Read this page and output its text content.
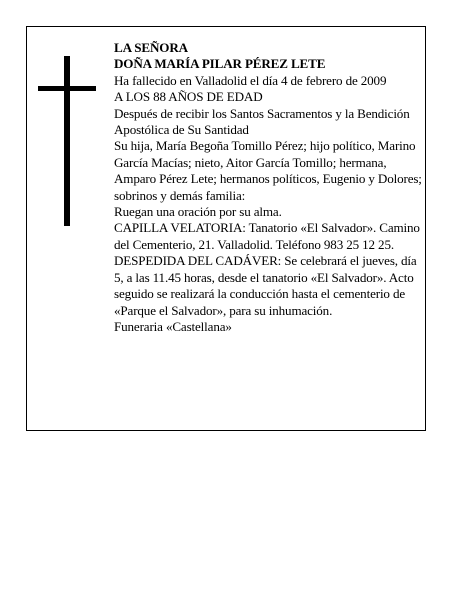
LA SEÑORA

DOÑA MARÍA PILAR PÉREZ LETE

Ha fallecido en Valladolid el día 4 de febrero de 2009

A LOS 88 AÑOS DE EDAD

Después de recibir los Santos Sacramentos y la Bendición Apostólica de Su Santidad

Su hija, María Begoña Tomillo Pérez; hijo político, Marino García Macías; nieto, Aitor García Tomillo; hermana, Amparo Pérez Lete; hermanos políticos, Eugenio y Dolores; sobrinos y demás familia:

Ruegan una oración por su alma.

CAPILLA VELATORIA: Tanatorio «El Salvador». Camino del Cementerio, 21. Valladolid. Teléfono 983 25 12 25.

DESPEDIDA DEL CADÁVER: Se celebrará el jueves, día 5, a las 11.45 horas, desde el tanatorio «El Salvador». Acto seguido se realizará la conducción hasta el cementerio de «Parque el Salvador», para su inhumación.

Funeraria «Castellana»
